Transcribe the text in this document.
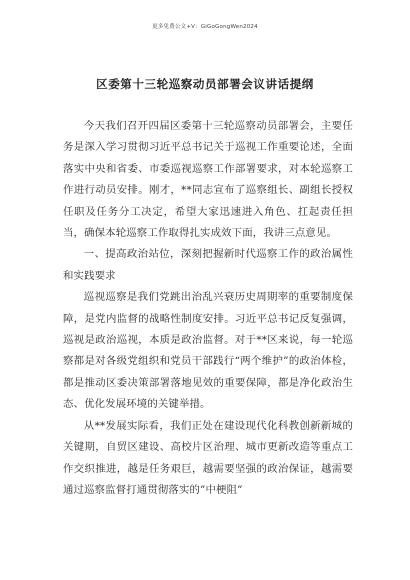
更多免费公文+V：GiGoGongWen2024
区委第十三轮巡察动员部署会议讲话提纲

今天我们召开四届区委第十三轮巡察动员部署会，主要任务是深入学习贯彻习近平总书记关于巡视工作重要论述，全面落实中央和省委、市委巡视巡察工作部署要求，对本轮巡察工作进行动员安排。刚才，**同志宣布了巡察组长、副组长授权任职及任务分工决定，希望大家迅速进入角色、扛起责任担当，确保本轮巡察工作取得扎实成效下面，我讲三点意见。

一、提高政治站位，深刻把握新时代巡察工作的政治属性和实践要求

巡视巡察是我们党跳出治乱兴衰历史周期率的重要制度保障，是党内监督的战略性制度安排。习近平总书记反复强调，巡视是政治巡视，本质是政治监督。对于**区来说，每一轮巡察都是对各级党组织和党员干部践行“两个维护”的政治体检，都是推动区委决策部署落地见效的重要保障，都是净化政治生态、优化发展环境的关键举措。

从**发展实际看，我们正处在建设现代化科教创新新城的关键期，自贸区建设、高校片区治理、城市更新改造等重点工作交织推进，越是任务艰巨，越需要坚强的政治保证，越需要通过巡察监督打通贯彻落实的”中梗阻”
